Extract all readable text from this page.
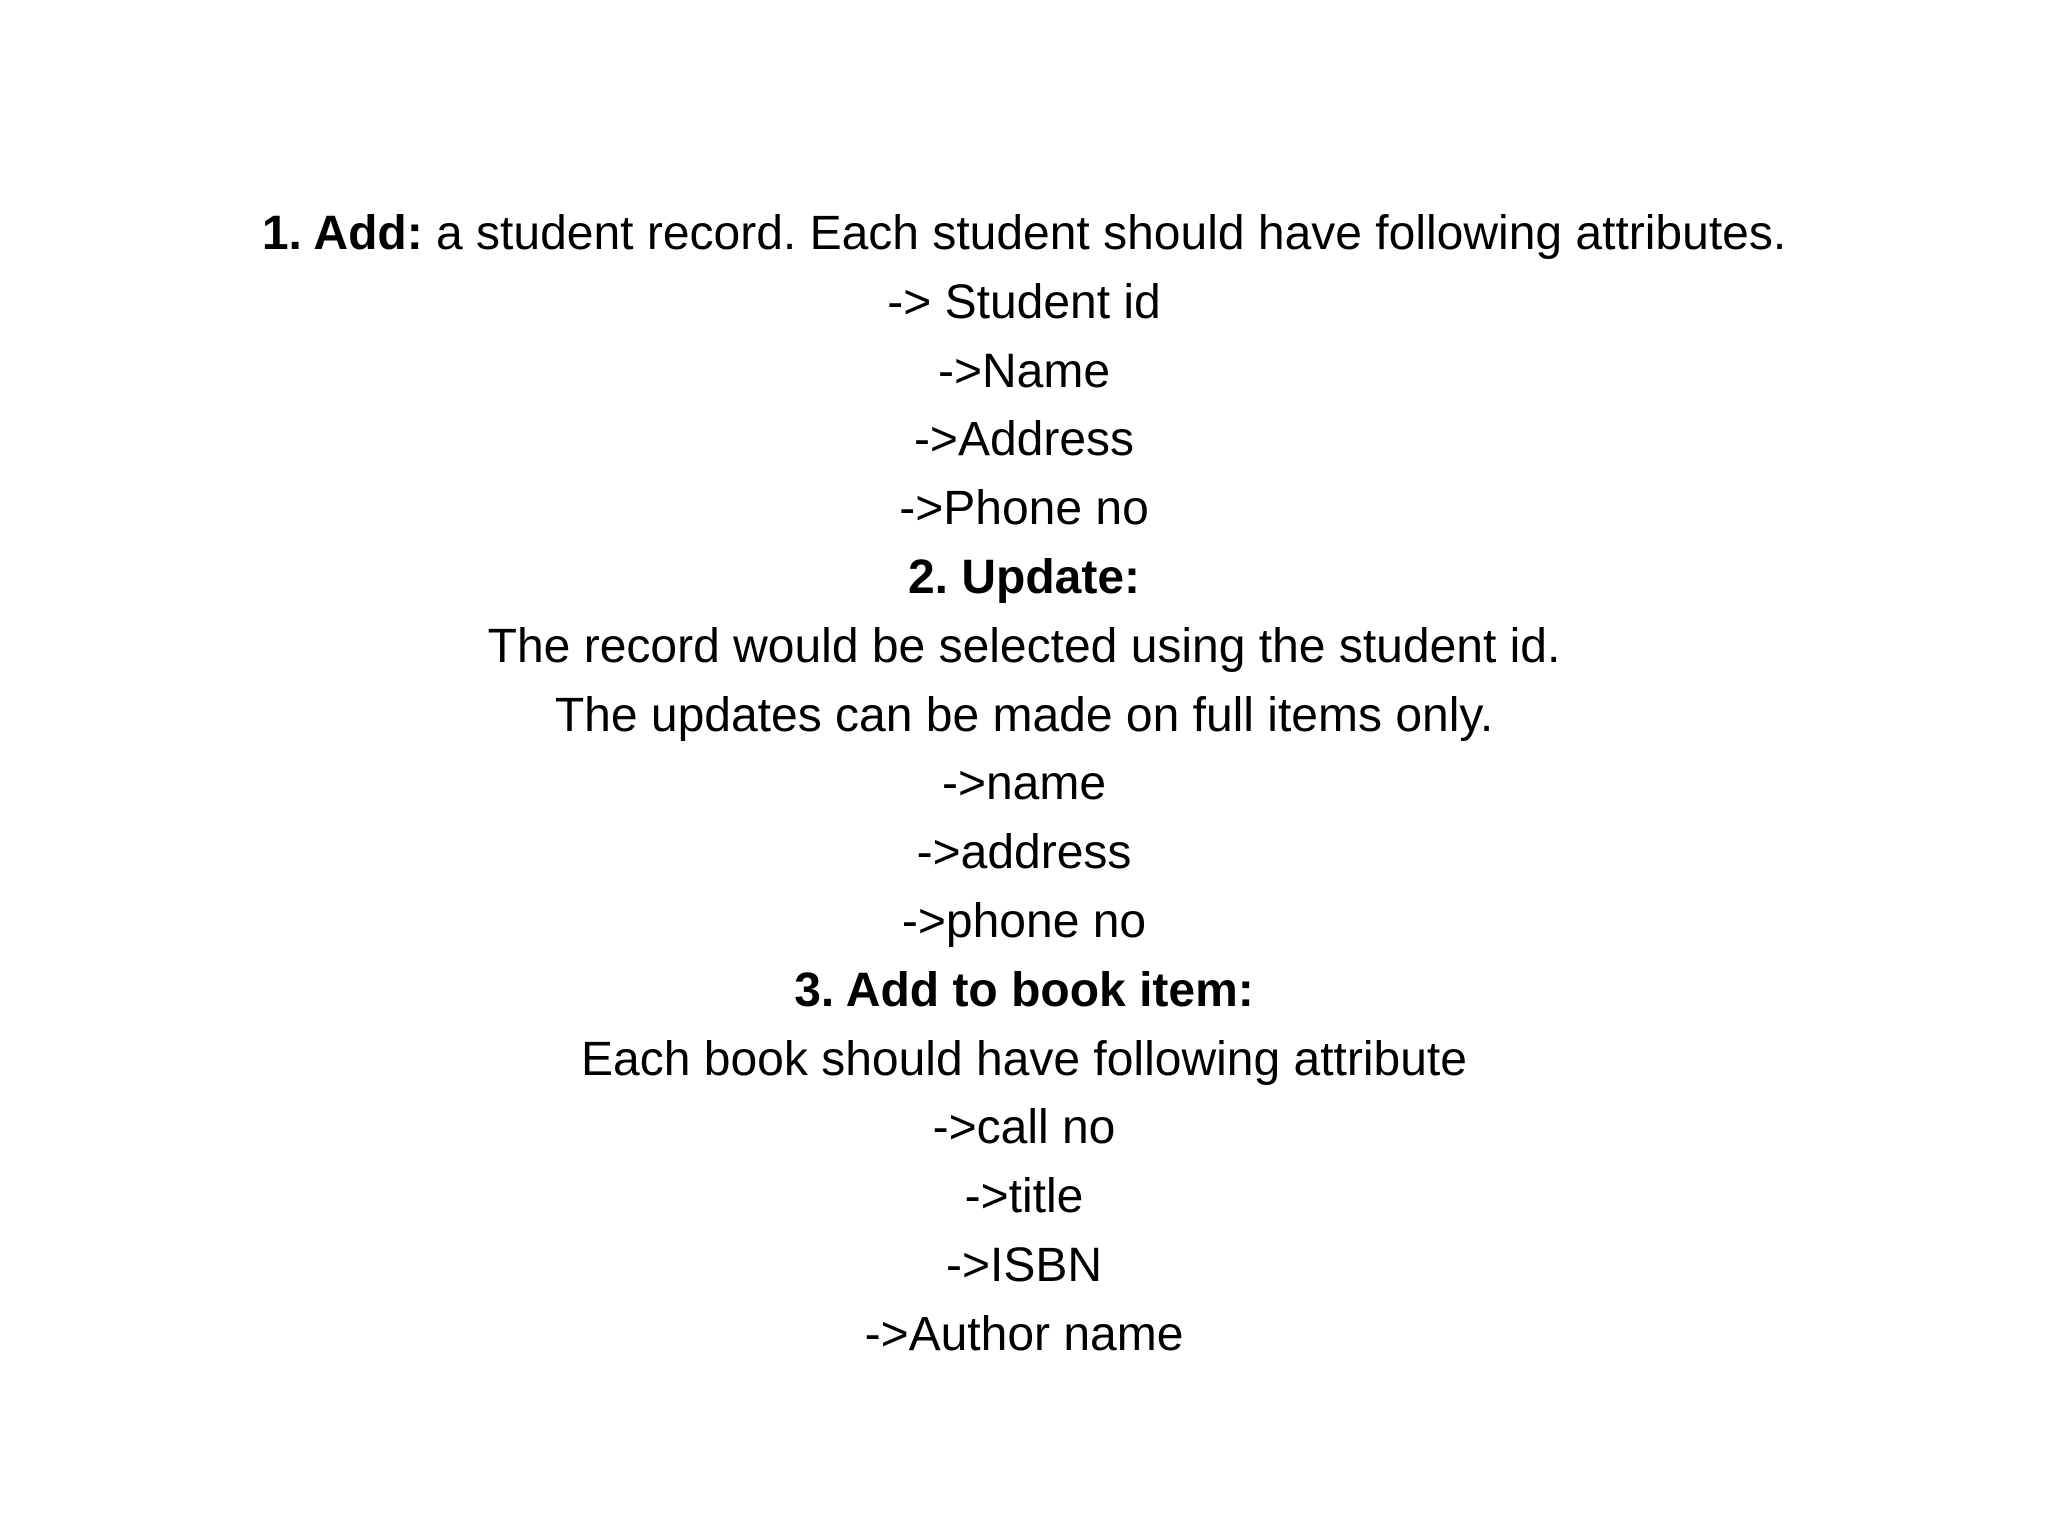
1. Add: a student record. Each student should have following attributes.
-> Student id
->Name
->Address
->Phone no
2. Update:
The record would be selected using the student id.
The updates can be made on full items only.
->name
->address
->phone no
3. Add to book item:
Each book should have following attribute
->call no
->title
->ISBN
->Author name
